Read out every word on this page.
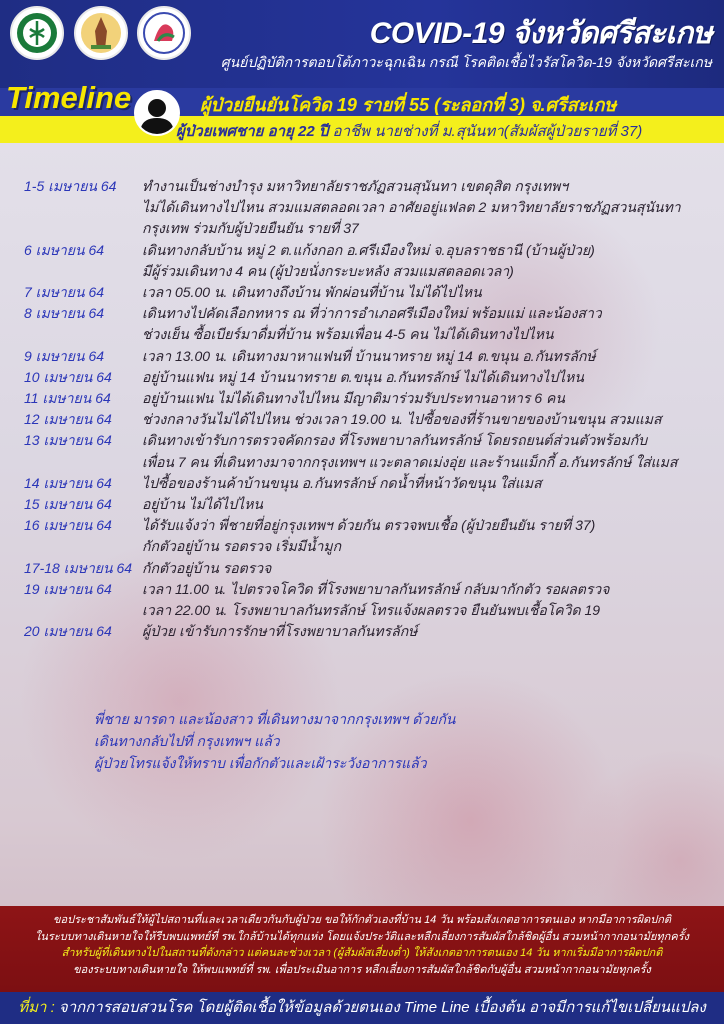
COVID-19 จังหวัดศรีสะเกษ
ศูนย์ปฏิบัติการตอบโต้ภาวะฉุกเฉิน กรณี โรคติดเชื้อไวรัสโควิด-19 จังหวัดศรีสะเกษ
Timeline	ผู้ป่วยยืนยันโควิด 19 รายที่ 55 (ระลอกที่ 3) จ.ศรีสะเกษ
ผู้ป่วยเพศชาย อายุ 22 ปี อาชีพ นายช่างที่ ม.สุนันทา(สัมผัสผู้ป่วยรายที่ 37)
1-5 เมษายน 64	ทำงานเป็นช่างบำรุง มหาวิทยาลัยราชภัฏสวนสุนันทา เขตดุสิต กรุงเทพฯ
ไม่ได้เดินทางไปไหน สวมแมสตลอดเวลา อาศัยอยู่แฟลต 2 มหาวิทยาลัยราชภัฏสวนสุนันทา
กรุงเทพ ร่วมกับผู้ป่วยยืนยัน รายที่ 37
6 เมษายน 64	เดินทางกลับบ้าน หมู่ 2 ต.แก้งกอก อ.ศรีเมืองใหม่ จ.อุบลราชธานี (บ้านผู้ป่วย)
มีผู้ร่วมเดินทาง 4 คน (ผู้ป่วยนั่งกระบะหลัง สวมแมสตลอดเวลา)
7 เมษายน 64	เวลา 05.00 น. เดินทางถึงบ้าน พักผ่อนที่บ้าน ไม่ได้ไปไหน
8 เมษายน 64	เดินทางไปคัดเลือกทหาร ณ ที่ว่าการอำเภอศรีเมืองใหม่ พร้อมแม่ และน้องสาว
ช่วงเย็น ซื้อเบียร์มาดื่มที่บ้าน พร้อมเพื่อน 4-5 คน ไม่ได้เดินทางไปไหน
9 เมษายน 64	เวลา 13.00 น. เดินทางมาหาแฟนที่ บ้านนาทราย หมู่ 14 ต.ขนุน อ.กันทรลักษ์
10 เมษายน 64	อยู่บ้านแฟน หมู่ 14 บ้านนาทราย ต.ขนุน อ.กันทรลักษ์ ไม่ได้เดินทางไปไหน
11 เมษายน 64	อยู่บ้านแฟน ไม่ได้เดินทางไปไหน มีญาติมาร่วมรับประทานอาหาร 6 คน
12 เมษายน 64	ช่วงกลางวันไม่ได้ไปไหน ช่วงเวลา 19.00 น. ไปซื้อของที่ร้านขายของบ้านขนุน สวมแมส
13 เมษายน 64	เดินทางเข้ารับการตรวจคัดกรอง ที่โรงพยาบาลกันทรลักษ์ โดยรถยนต์ส่วนตัวพร้อมกับ
เพื่อน 7 คน ที่เดินทางมาจากกรุงเทพฯ แวะตลาดเม่งอุ่ย และร้านแม็กกี้ อ.กันทรลักษ์ ใส่แมส
14 เมษายน 64	ไปซื้อของร้านค้าบ้านขนุน อ.กันทรลักษ์ กดน้ำที่หน้าวัดขนุน ใส่แมส
15 เมษายน 64	อยู่บ้าน ไม่ได้ไปไหน
16 เมษายน 64	ได้รับแจ้งว่า พี่ชายที่อยู่กรุงเทพฯ ด้วยกัน ตรวจพบเชื้อ (ผู้ป่วยยืนยัน รายที่ 37)
กักตัวอยู่บ้าน รอตรวจ เริ่มมีน้ำมูก
17-18 เมษายน 64 กักตัวอยู่บ้าน รอตรวจ
19 เมษายน 64	เวลา 11.00 น. ไปตรวจโควิด ที่โรงพยาบาลกันทรลักษ์ กลับมากักตัว รอผลตรวจ
เวลา 22.00 น. โรงพยาบาลกันทรลักษ์ โทรแจ้งผลตรวจ ยืนยันพบเชื้อโควิด 19
20 เมษายน 64	ผู้ป่วย เข้ารับการรักษาที่โรงพยาบาลกันทรลักษ์
พี่ชาย มารดา และน้องสาว ที่เดินทางมาจากกรุงเทพฯ ด้วยกัน
เดินทางกลับไปที่ กรุงเทพฯ แล้ว
ผู้ป่วยโทรแจ้งให้ทราบ เพื่อกักตัวและเฝ้าระวังอาการแล้ว
ขอประชาสัมพันธ์ให้ผู้ไปสถานที่และเวลาเดียวกันกับผู้ป่วย ขอให้กักตัวเองที่บ้าน 14 วัน พร้อมสังเกตอาการตนเอง หากมีอาการผิดปกติ
ในระบบทางเดินหายใจให้รีบพบแพทย์ที่ รพ.ใกล้บ้านได้ทุกแห่ง โดยแจ้งประวัติและหลีกเลี่ยงการสัมผัสใกล้ชิดผู้อื่น สวมหน้ากากอนามัยทุกครั้ง
สำหรับผู้ที่เดินทางไปในสถานที่ดังกล่าว แต่คนละช่วงเวลา (ผู้สัมผัสเสี่ยงต่ำ) ให้สังเกตอาการตนเอง 14 วัน หากเริ่มมีอาการผิดปกติ
ของระบบทางเดินหายใจ ให้พบแพทย์ที่ รพ. เพื่อประเมินอาการ หลีกเลี่ยงการสัมผัสใกล้ชิดกับผู้อื่น สวมหน้ากากอนามัยทุกครั้ง
ที่มา : จากการสอบสวนโรค โดยผู้ติดเชื้อให้ข้อมูลด้วยตนเอง Time Line เบื้องต้น อาจมีการแก้ไขเปลี่ยนแปลง
